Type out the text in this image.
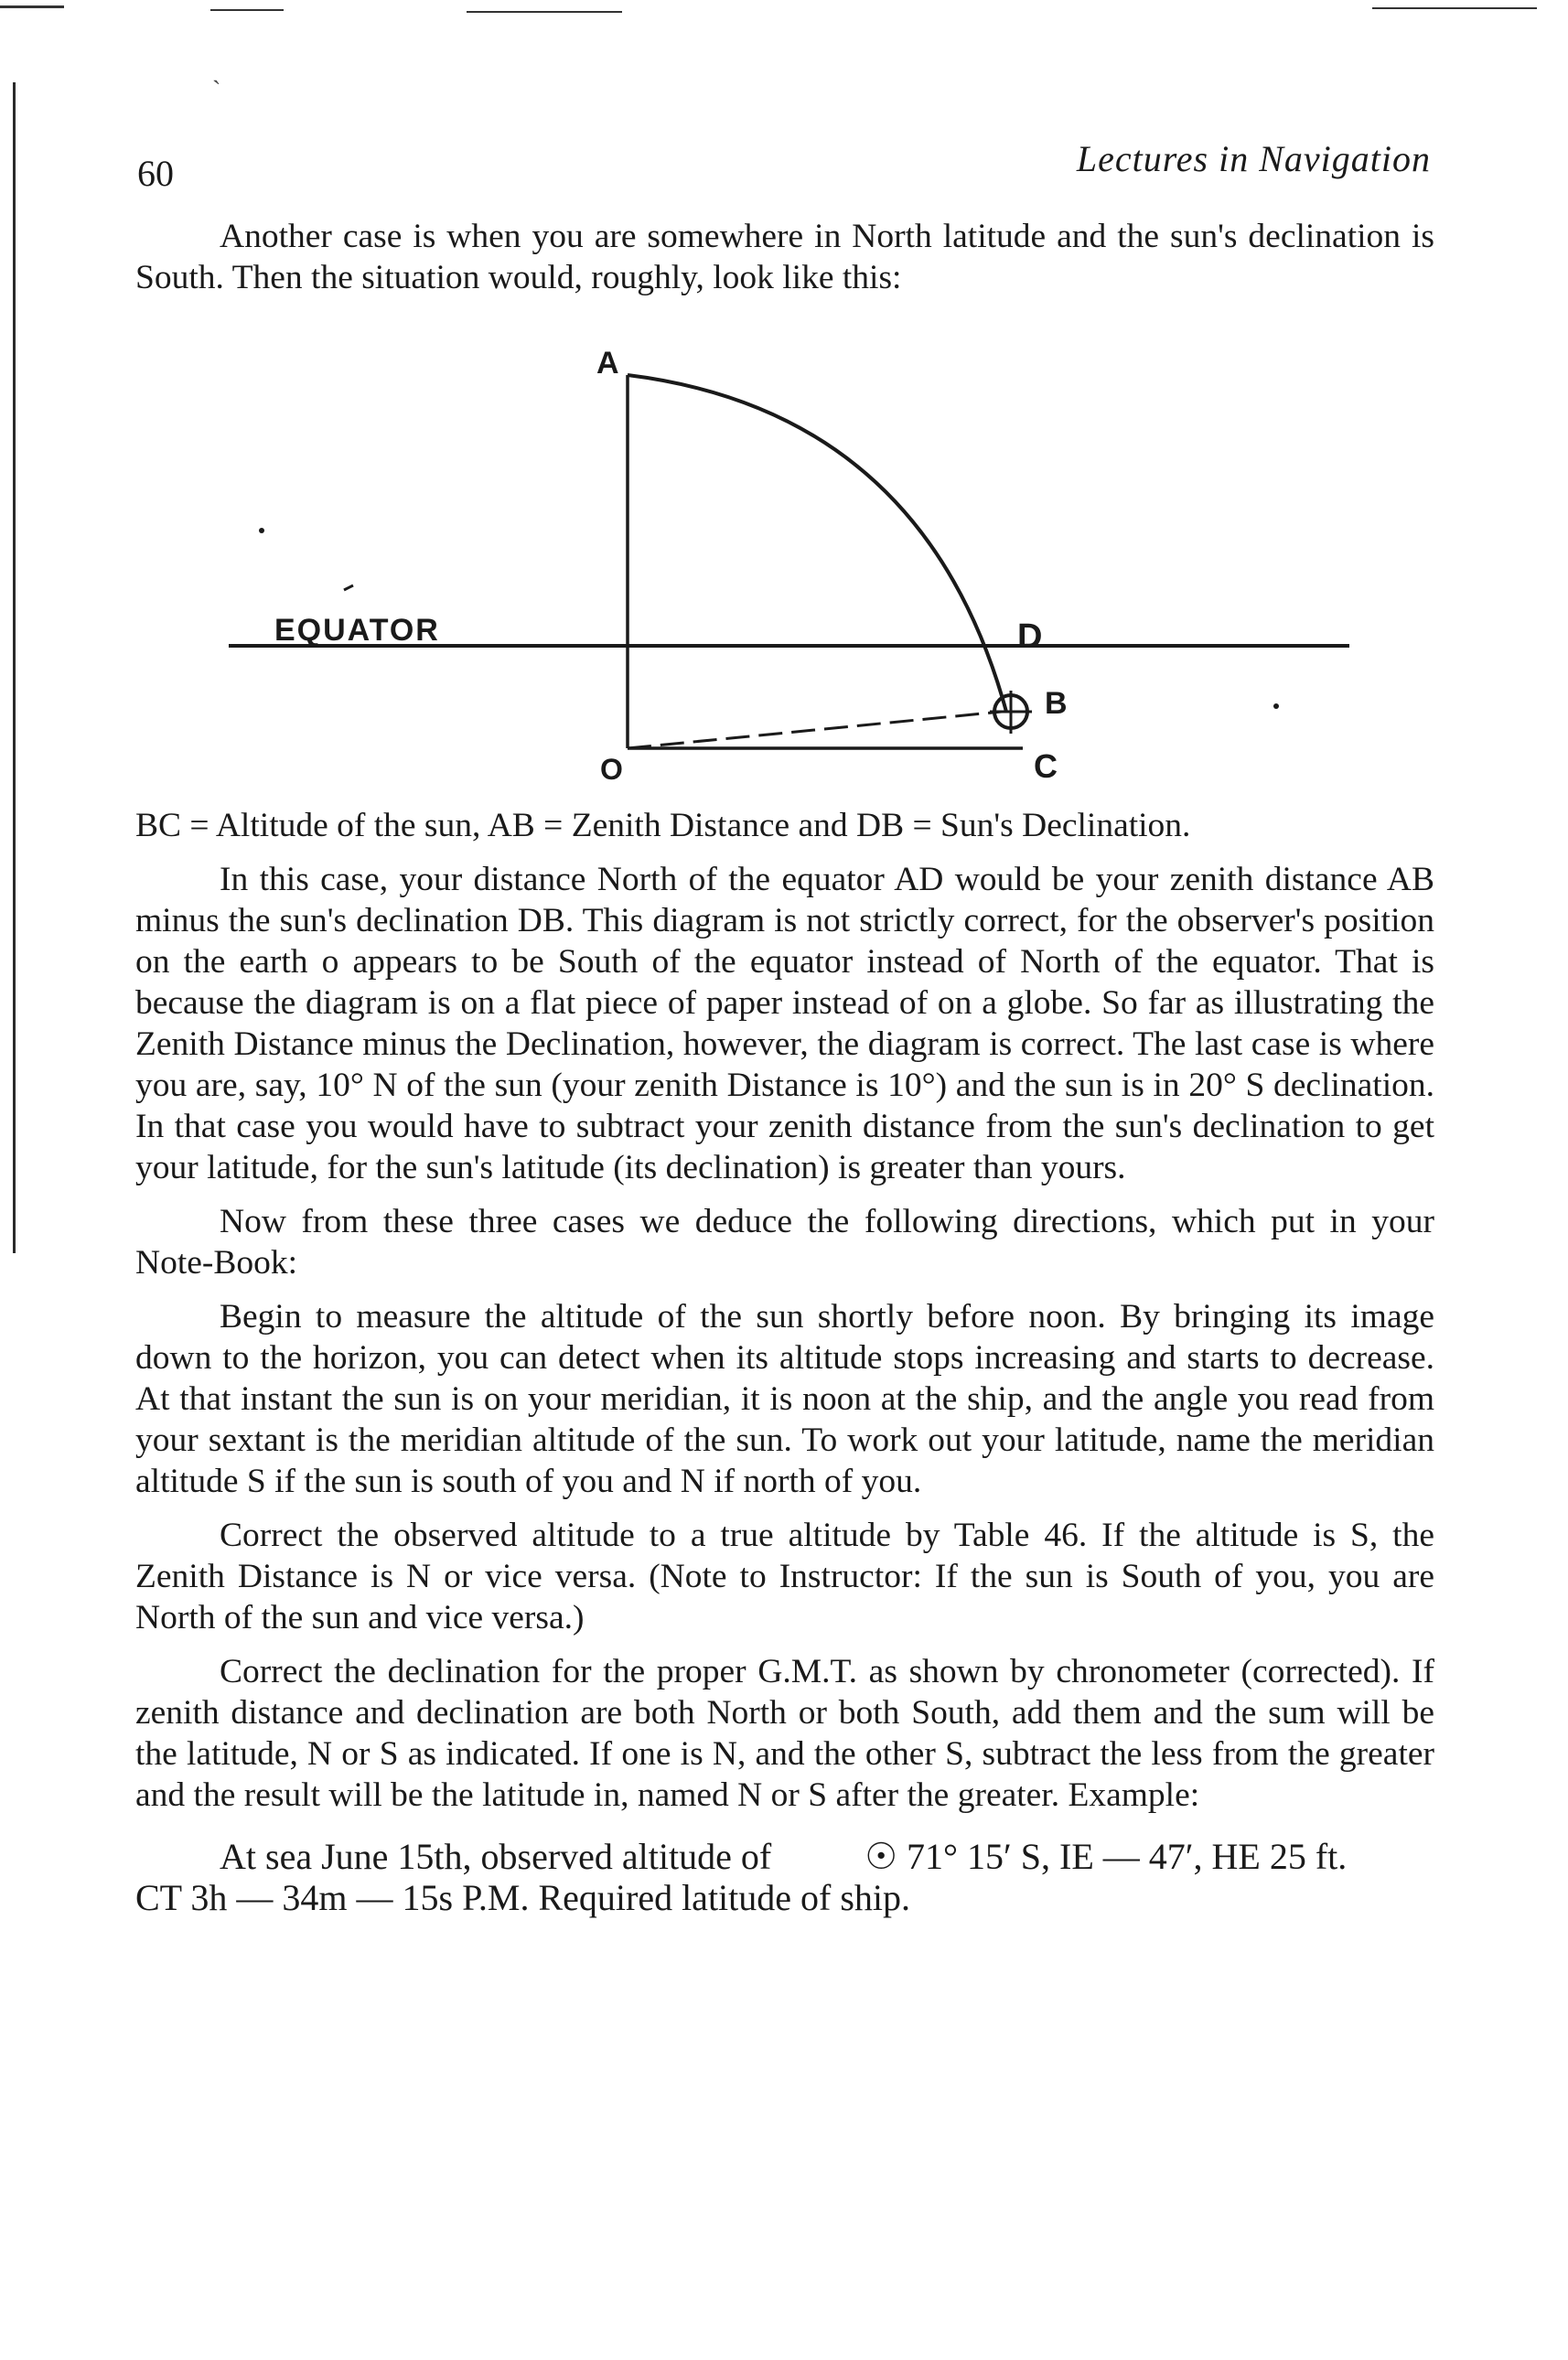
ˎ
60	Lectures in Navigation

Another case is when you are somewhere in North latitude and the sun's declination is South. Then the situation would, roughly, look like this:

A
EQUATOR	D
B
O	C

BC = Altitude of the sun, AB = Zenith Distance and DB = Sun's Declination.

In this case, your distance North of the equator AD would be your zenith distance AB minus the sun's declination DB. This diagram is not strictly correct, for the observer's position on the earth o appears to be South of the equator instead of North of the equator. That is because the diagram is on a flat piece of paper instead of on a globe. So far as illustrating the Zenith Distance minus the Declination, however, the diagram is correct. The last case is where you are, say, 10° N of the sun (your zenith Distance is 10°) and the sun is in 20° S declination. In that case you would have to subtract your zenith distance from the sun's declination to get your latitude, for the sun's latitude (its declination) is greater than yours.

Now from these three cases we deduce the following directions, which put in your Note-Book:

Begin to measure the altitude of the sun shortly before noon. By bringing its image down to the horizon, you can detect when its altitude stops increasing and starts to decrease. At that instant the sun is on your meridian, it is noon at the ship, and the angle you read from your sextant is the meridian altitude of the sun. To work out your latitude, name the meridian altitude S if the sun is south of you and N if north of you.

Correct the observed altitude to a true altitude by Table 46. If the altitude is S, the Zenith Distance is N or vice versa. (Note to Instructor: If the sun is South of you, you are North of the sun and vice versa.)

Correct the declination for the proper G.M.T. as shown by chronometer (corrected). If zenith distance and declination are both North or both South, add them and the sum will be the latitude, N or S as indicated. If one is N, and the other S, subtract the less from the greater and the result will be the latitude in, named N or S after the greater. Example:

At sea June 15th, observed altitude of	☉ 71° 15′ S, IE — 47′, HE 25 ft.

CT 3h — 34m — 15s P.M. Required latitude of ship.
